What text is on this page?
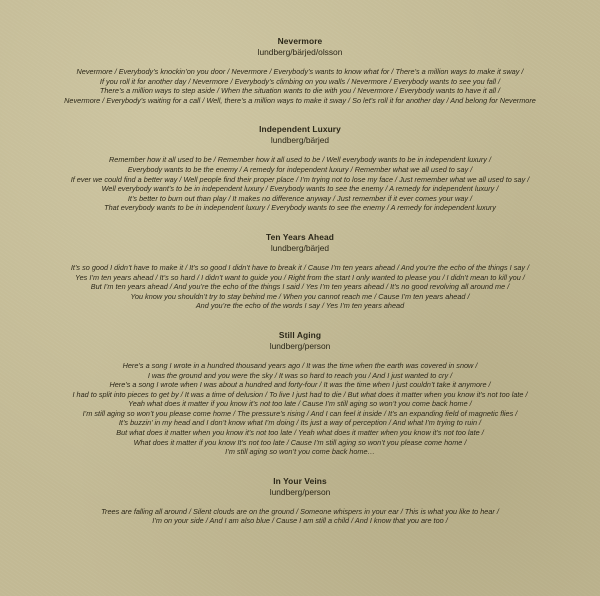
Nevermore
lundberg/bärjed/olsson
Nevermore / Everybody’s knockin’on you door / Nevermore / Everybody’s wants to know what for / There’s a million ways to make it sway /
If you roll it for another day / Nevermore / Everybody’s climbing on you walls / Nevermore / Everybody wants to see you fall /
There’s a million ways to step aside / When the situation wants to die with you / Nevermore / Everybody wants to have it all /
Nevermore / Everybody’s waiting for a call / Well, there’s a million ways to make it sway / So let’s roll it for another day / And belong for Nevermore
Independent Luxury
lundberg/bärjed
Remember how it all used to be / Remember how it all used to be / Well everybody wants to be in independent luxury /
Everybody wants to be the enemy / A remedy for independent luxury / Remember what we all used to say /
If ever we could find a better way / Well people find their proper place / I’m trying not to lose my face / Just remember what we all used to say /
Well everybody want’s to be in independent luxury / Everybody wants to see the enemy / A remedy for independent luxury /
It’s better to burn out than play / It makes no difference anyway / Just remember if it ever comes your way /
That everybody wants to be in independent luxury / Everybody wants to see the enemy / A remedy for independent luxury
Ten Years Ahead
lundberg/bärjed
It’s so good I didn’t have to make it / It’s so good I didn’t have to break it / Cause I’m ten years ahead / And you’re the echo of the things I say /
Yes I’m ten years ahead / It’s so hard / I didn’t want to guide you / Right from the start I only wanted to please you / I didn’t mean to kill you /
But I’m ten years ahead / And you’re the echo of the things I said / Yes I’m ten years ahead / It’s no good revolving all around me /
You know you shouldn’t try to stay behind me / When you cannot reach me / Cause I’m ten years ahead /
And you’re the echo of the words I say / Yes I’m ten years ahead
Still Aging
lundberg/person
Here’s a song I wrote in a hundred thousand years ago / It was the time when the earth was covered in snow /
I was the ground and you were the sky / It was so hard to reach you / And I just wanted to cry /
Here’s a song I wrote when I was about a hundred and forty-four / It was the time when I just couldn’t take it anymore /
I had to split into pieces to get by / It was a time of delusion / To live I just had to die / But what does it matter when you know it’s not too late /
Yeah what does it matter if you know it’s not too late / Cause I’m still aging so won’t you come back home /
I’m still aging so won’t you please come home / The pressure’s rising / And I can feel it inside / It’s an expanding field of magnetic flies /
It’s buzzin’ in my head and I don’t know what I’m doing / Its just a way of perception / And what I’m trying to ruin /
But what does it matter when you know it’s not too late / Yeah what does it matter when you know it’s not too late /
What does it matter if you know It’s not too late / Cause I’m still aging so won’t you please come home /
I’m still aging so won’t you come back home…
In Your Veins
lundberg/person
Trees are falling all around / Silent clouds are on the ground / Someone whispers in your ear / This is what you like to hear /
I’m on your side / And I am also blue / Cause I am still a child / And I know that you are too /
